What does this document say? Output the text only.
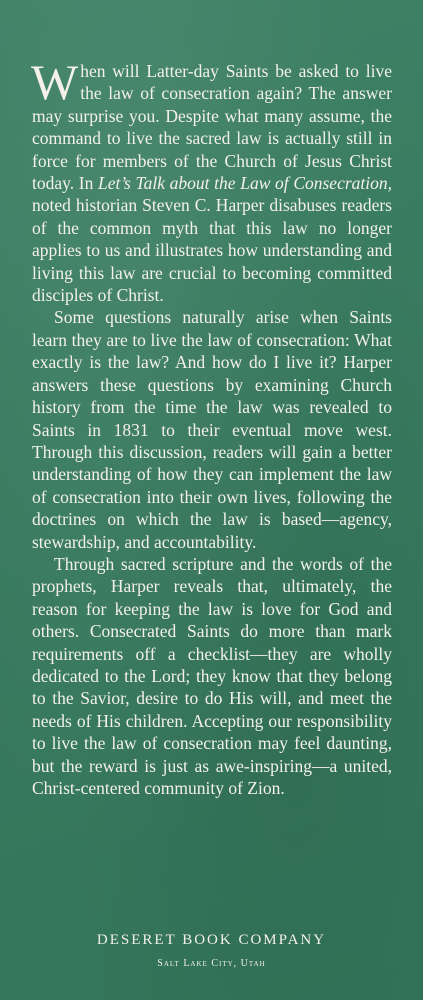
When will Latter-day Saints be asked to live the law of consecration again? The answer may surprise you. Despite what many assume, the command to live the sacred law is actually still in force for members of the Church of Jesus Christ today. In Let’s Talk about the Law of Consecration, noted historian Steven C. Harper disabuses readers of the common myth that this law no longer applies to us and illustrates how understanding and living this law are crucial to becoming committed disciples of Christ.

Some questions naturally arise when Saints learn they are to live the law of consecration: What exactly is the law? And how do I live it? Harper answers these questions by examining Church history from the time the law was revealed to Saints in 1831 to their eventual move west. Through this discussion, readers will gain a better understanding of how they can implement the law of consecration into their own lives, following the doctrines on which the law is based—agency, stewardship, and accountability.

Through sacred scripture and the words of the prophets, Harper reveals that, ultimately, the reason for keeping the law is love for God and others. Consecrated Saints do more than mark requirements off a checklist—they are wholly dedicated to the Lord; they know that they belong to the Savior, desire to do His will, and meet the needs of His children. Accepting our responsibility to live the law of consecration may feel daunting, but the reward is just as awe-inspiring—a united, Christ-centered community of Zion.

DESERET BOOK COMPANY
Salt Lake City, Utah
